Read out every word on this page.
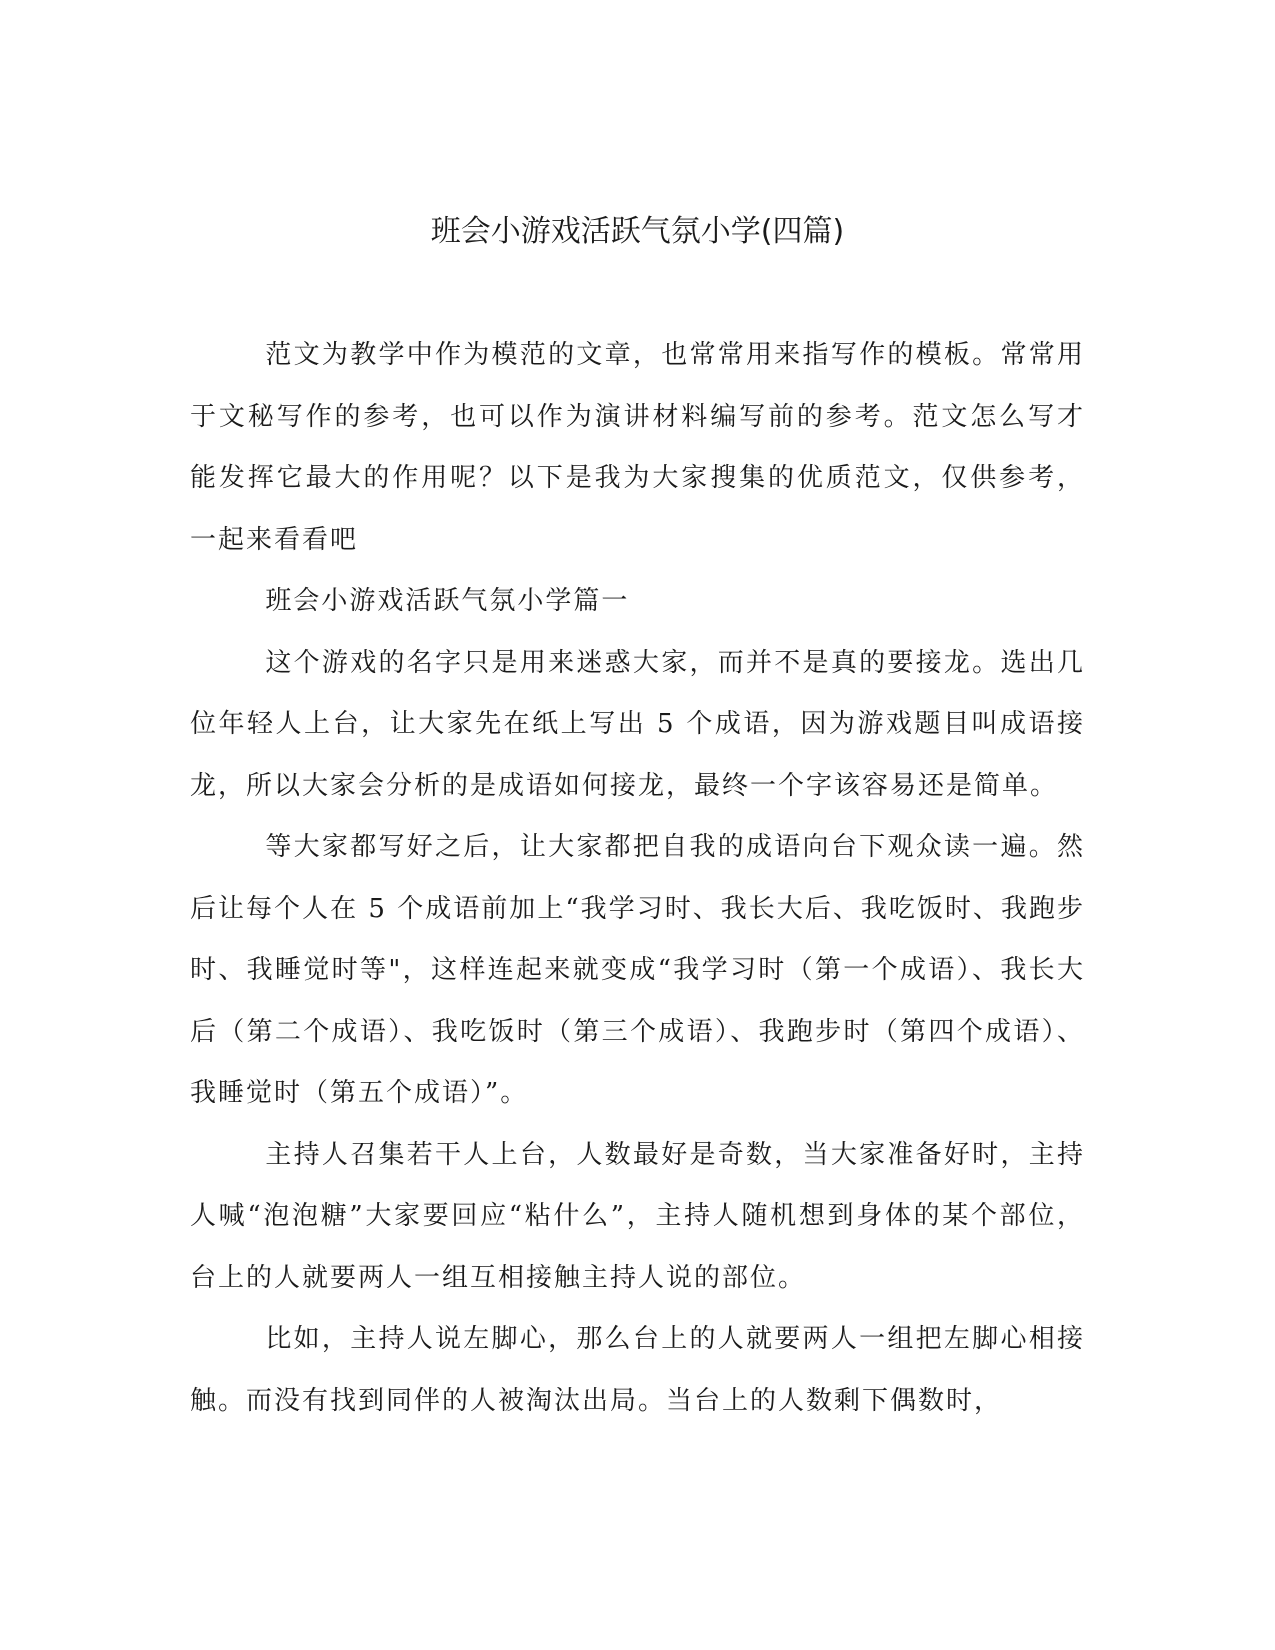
班会小游戏活跃气氛小学(四篇)

范文为教学中作为模范的文章，也常常用来指写作的模板。常常用于文秘写作的参考，也可以作为演讲材料编写前的参考。范文怎么写才能发挥它最大的作用呢？以下是我为大家搜集的优质范文，仅供参考，一起来看看吧

班会小游戏活跃气氛小学篇一

这个游戏的名字只是用来迷惑大家，而并不是真的要接龙。选出几位年轻人上台，让大家先在纸上写出 5 个成语，因为游戏题目叫成语接龙，所以大家会分析的是成语如何接龙，最终一个字该容易还是简单。

等大家都写好之后，让大家都把自我的成语向台下观众读一遍。然后让每个人在 5 个成语前加上“我学习时、我长大后、我吃饭时、我跑步时、我睡觉时等"，这样连起来就变成“我学习时（第一个成语）、我长大后（第二个成语）、我吃饭时（第三个成语）、我跑步时（第四个成语）、我睡觉时（第五个成语）”。

主持人召集若干人上台，人数最好是奇数，当大家准备好时，主持人喊“泡泡糖”大家要回应“粘什么”，主持人随机想到身体的某个部位，台上的人就要两人一组互相接触主持人说的部位。

比如，主持人说左脚心，那么台上的人就要两人一组把左脚心相接触。而没有找到同伴的人被淘汰出局。当台上的人数剩下偶数时，
